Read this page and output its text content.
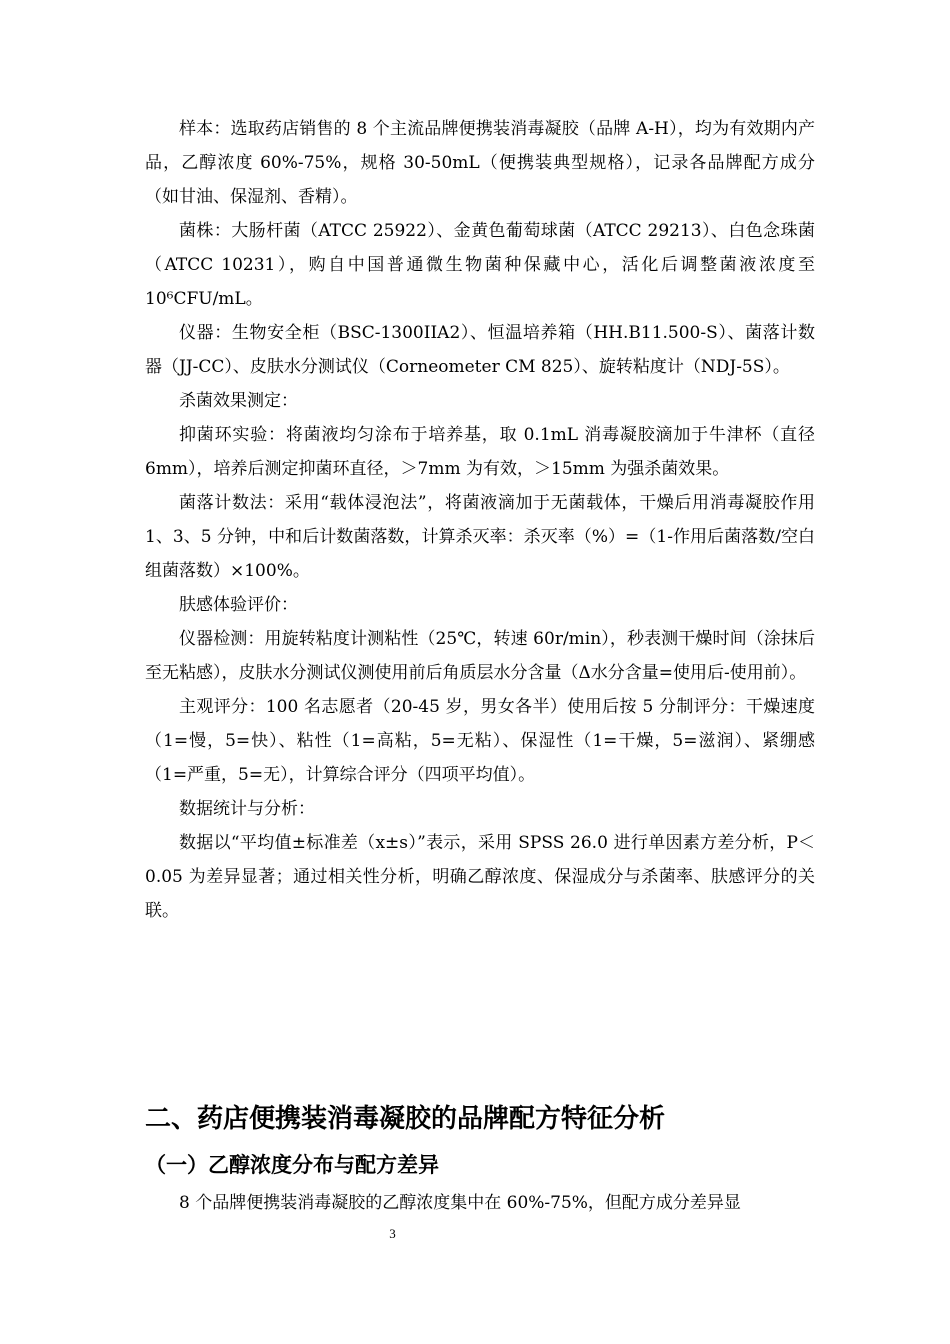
样本：选取药店销售的 8 个主流品牌便携装消毒凝胶（品牌 A-H），均为有效期内产品，乙醇浓度 60%-75%，规格 30-50mL（便携装典型规格），记录各品牌配方成分（如甘油、保湿剂、香精）。

菌株：大肠杆菌（ATCC 25922）、金黄色葡萄球菌（ATCC 29213）、白色念珠菌（ATCC 10231），购自中国普通微生物菌种保藏中心，活化后调整菌液浓度至 10⁶CFU/mL。

仪器：生物安全柜（BSC-1300IIA2）、恒温培养箱（HH.B11.500-S）、菌落计数器（JJ-CC）、皮肤水分测试仪（Corneometer CM 825）、旋转粘度计（NDJ-5S）。

杀菌效果测定：

抑菌环实验：将菌液均匀涂布于培养基，取 0.1mL 消毒凝胶滴加于牛津杯（直径 6mm），培养后测定抑菌环直径，＞7mm 为有效，＞15mm 为强杀菌效果。

菌落计数法：采用“载体浸泡法”，将菌液滴加于无菌载体，干燥后用消毒凝胶作用 1、3、5 分钟，中和后计数菌落数，计算杀灭率：杀灭率（%）=（1-作用后菌落数/空白组菌落数）×100%。

肤感体验评价：

仪器检测：用旋转粘度计测粘性（25℃，转速 60r/min），秒表测干燥时间（涂抹后至无粘感），皮肤水分测试仪测使用前后角质层水分含量（Δ水分含量=使用后-使用前）。

主观评分：100 名志愿者（20-45 岁，男女各半）使用后按 5 分制评分：干燥速度（1=慢，5=快）、粘性（1=高粘，5=无粘）、保湿性（1=干燥，5=滋润）、紧绷感（1=严重，5=无），计算综合评分（四项平均值）。

数据统计与分析：

数据以“平均值±标准差（x±s）”表示，采用 SPSS 26.0 进行单因素方差分析，P＜0.05 为差异显著；通过相关性分析，明确乙醇浓度、保湿成分与杀菌率、肤感评分的关联。

二、药店便携装消毒凝胶的品牌配方特征分析
（一）乙醇浓度分布与配方差异

8 个品牌便携装消毒凝胶的乙醇浓度集中在 60%-75%，但配方成分差异显

3
